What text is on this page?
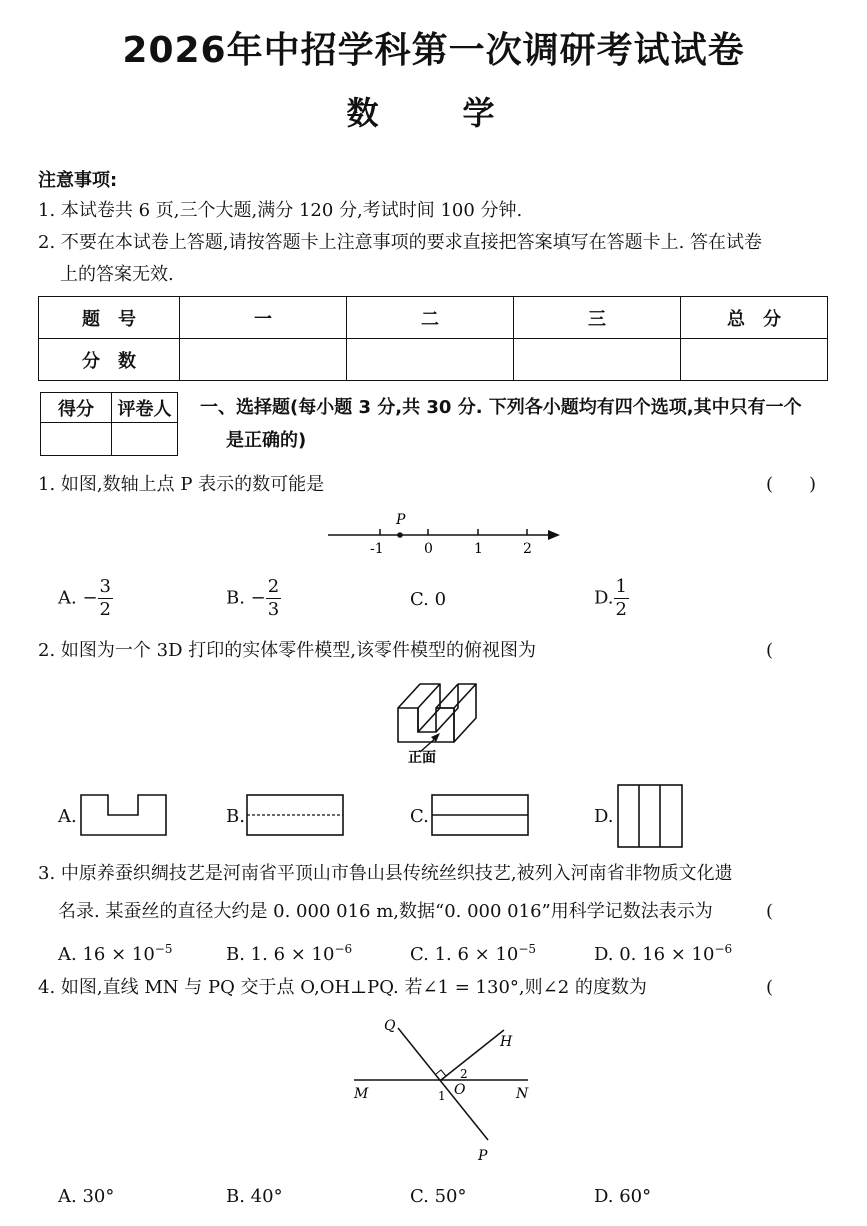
2026年中招学科第一次调研考试试卷
数　学
注意事项:
1. 本试卷共 6 页,三个大题,满分 120 分,考试时间 100 分钟.
2. 不要在本试卷上答题,请按答题卡上注意事项的要求直接把答案填写在答题卡上. 答在试卷
上的答案无效.
题　号	一	二	三	总　分
分　数				
得分	评卷人
	一、选择题(每小题 3 分,共 30 分. 下列各小题均有四个选项,其中只有一个
是正确的)
1. 如图,数轴上点 P 表示的数可能是	(　　)
P
-1	0	1	2
A. − $\frac{3}{2}$	B. − $\frac{2}{3}$	C. 0	D. $\frac{1}{2}$
2. 如图为一个 3D 打印的实体零件模型,该零件模型的俯视图为	(
正面
A.	B.	C.	D.
3. 中原养蚕织绸技艺是河南省平顶山市鲁山县传统丝织技艺,被列入河南省非物质文化遗
名录. 某蚕丝的直径大约是 0. 000 016 m,数据“0. 000 016”用科学记数法表示为	(
A. $16 \times 10^{-5}$	B. 1. $6 \times 10^{-6}$	C. 1. $6 \times 10^{-5}$	D. 0. $16 \times 10^{-6}$
4. 如图,直线 MN 与 PQ 交于点 O,OH⊥PQ. 若∠1 = 130°,则∠2 的度数为	(
Q
H
M	N
P
O
1
2
A. 30°	B. 40°	C. 50°	D. 60°
